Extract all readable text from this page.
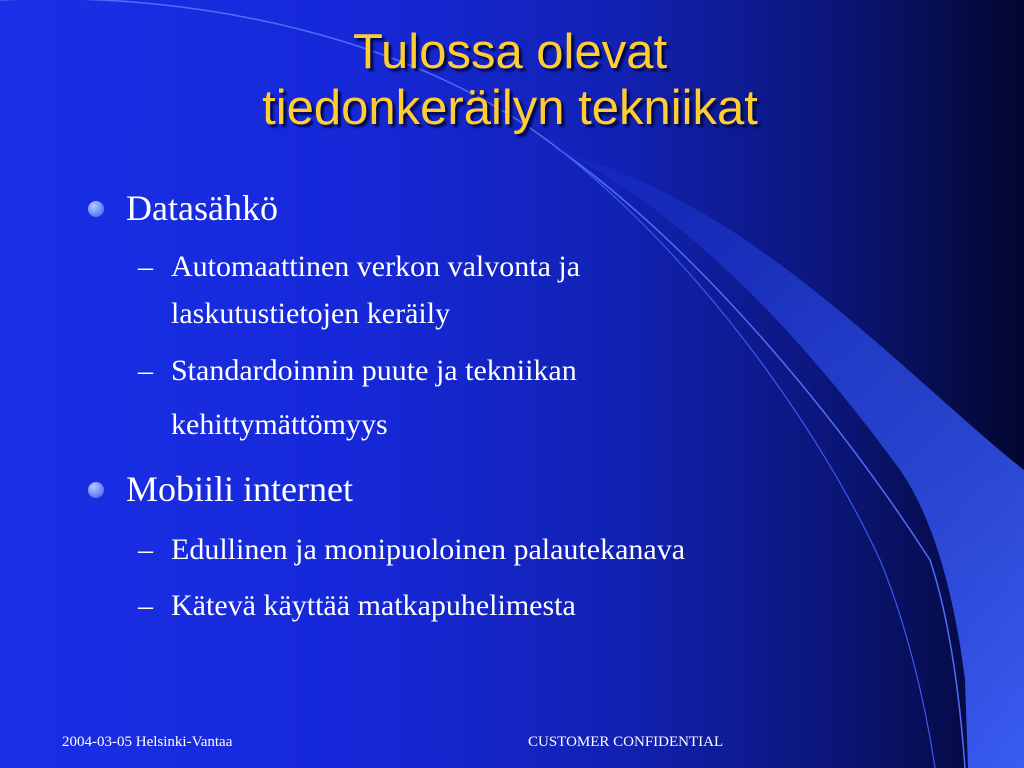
Tulossa olevat
tiedonkeräilyn tekniikat
Datasähkö
– Automaattinen verkon valvonta ja
laskutustietojen keräily
– Standardoinnin puute ja tekniikan
kehittymättömyys
Mobiili internet
– Edullinen ja monipuoloinen palautekanava
– Kätevä käyttää matkapuhelimesta
2004-03-05 Helsinki-Vantaa	CUSTOMER CONFIDENTIAL
